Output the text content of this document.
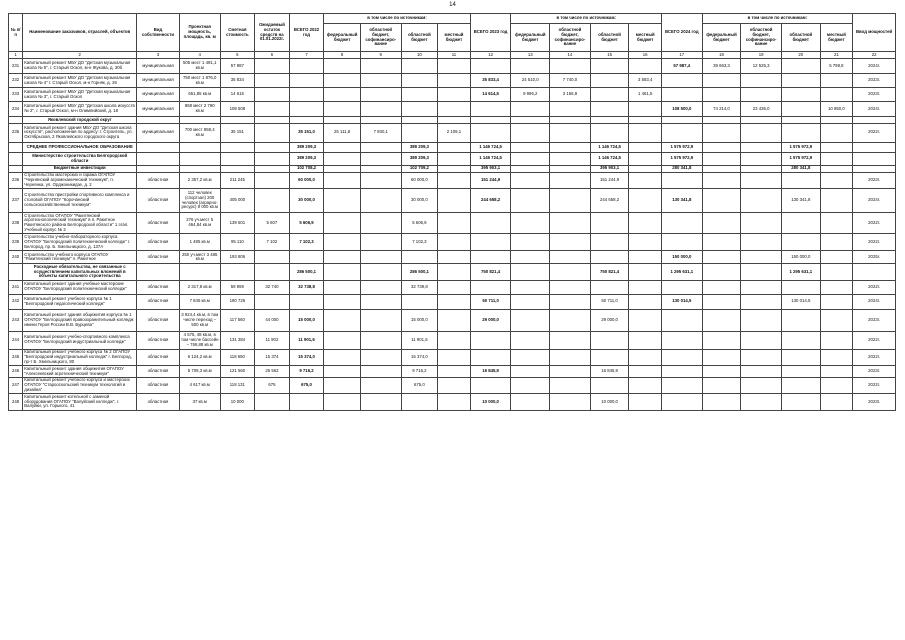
14
№ п/п	Наименование заказчиков, отраслей, объектов	Вид собственности	Проектная мощность, площадь, кв. м	Сметная стоимость	Ожидаемый остаток средств на 01.01.2022г.	ВСЕГО 2022 год	в том числе по источникам:				ВСЕГО 2023 год	в том числе по источникам:				ВСЕГО 2024 год	в том числе по источникам:				Ввод мощностей
							федеральный бюджет	областной бюджет, софинансиро-вание	областной бюджет	местный бюджет		федеральный бюджет	областной бюджет, софинансиро-вание	областной бюджет	местный бюджет		федеральный бюджет	областной бюджет, софинансиро-вание	областной бюджет	местный бюджет	
1	2	3	4	5	6	7	8	9	10	11	12	13	14	15	16	17	18	19	20	21	22
231	Капитальный ремонт МБУ ДО "Детская музыкальная школа № 5", г. Старый Оскол, м-н Жукова, д. 30б	муниципальная	505 мест 1 491,1 кв.м	57 987												57 987,4	39 663,3	12 525,3		5 798,8	2024г.
232	Капитальный ремонт МБУ ДО "Детская музыкальная школа № 4" г. Старый Оскол, м-н Горняк, д. 26	муниципальная	750 мест 1 876,0 кв.м	35 834							35 833,4	24 510,0	7 740,0		3 583,4						2023г.
233	Капитальный ремонт МБУ ДО "Детская музыкальная школа № 3", г. Старый Оскол	муниципальная	651,85 кв.м	14 615							14 614,5	9 996,2	3 156,8		1 461,5						2023г.
234	Капитальный ремонт МБУ ДО "Детская школа искусств № 2", г. Старый Оскол, м-н Олимпийский, д. 18	муниципальная	868 мест 2 790 кв.м	108 508												108 500,0	74 214,0	23 436,0		10 850,0	2024г.
	Яковлевский городской округ																				
235	Капитальный ремонт здания МБУ ДО "Детская школа искусств", расположенная по адресу: г. Строитель, ул. Октябрьская, 2 Яковлевского городского округа	муниципальная	700 мест 858,4 кв.м	35 151		35 151,0	25 111,8	7 930,1		2 109,1											2022г.
	СРЕДНЕЕ ПРОФЕССИОНАЛЬНОЕ ОБРАЗОВАНИЕ					389 209,3			389 209,3		1 146 724,5			1 146 724,5		1 575 972,9			1 575 972,9		
	Министерство строительства Белгородской области					389 209,3			389 209,3		1 146 724,5			1 146 724,5		1 575 972,9			1 575 972,9		
	Бюджетные инвестиции					102 708,2			102 709,2		395 903,1			395 903,1		280 341,8			280 341,8		
236	Строительство мастерских и гаража ОГАПОУ "Чернянский агромеханический техникум", п. Чернянка, ул. Орджоникидзе, д. 2	областная	2 357,2 кв.м	211 245		60 000,0			60 000,0		151 244,9			151 244,9							2023г.
237	Строительство пристройки спортивного комплекса и столовой ОГАПОУ "Корочанский сельскохозяйственный техникум"	областная	112 человек (спортзал) 200 человек (аграрно-ресурс) 8 000 кв.м	405 000		30 000,0			30 000,0		244 658,2			244 658,2		130 341,8			130 341,8		2024г.
238	Строительство ОГАПОУ "Ракитянский агротехнологический техникум" в п. Ракитное Ракитянского района Белгородской области" 1 этап. Учебный корпус № 2	областная	276 уч.мест 5 464,84 кв.м	139 501	5 607	5 606,9			5 606,9												2022г.
239	Строительство учебно-лабораторного корпуса ОГАПОУ "Белгородский политехнический колледж" г. Белгород, пр. Б. Хмельницкого, д. 137А	областная	1 485 кв.м	95 110	7 102	7 102,3			7 102,3												2022г.
240	Строительство учебного корпуса ОГАПОУ "Ракитянский техникум" п. Ракитное	областная	250 уч.мест 3 485 кв.м	193 806												150 000,0			150 000,0		2025г.
	Расходные обязательства, не связанные с осуществлением капитальных вложений в объекты капитального строительства					286 500,1			286 500,1		750 821,4			750 821,4		1 295 631,1			1 295 631,1		
241	Капитальный ремонт здания учебные мастерские ОГАПОУ "Белгородский политехнический колледж"	областная	2 317,8 кв.м	59 959	32 740	32 738,8			32 739,8												2022г.
242	Капитальный ремонт учебного корпуса № 1 "Белгородский педагогический колледж"	областная	7 845 кв.м	180 725							50 711,0			50 711,0		130 014,5			130 014,5		2024г.
243	Капитальный ремонт здания общежития корпуса № 1 ОГАПОУ "Белгородский правоохранительный колледж имени Героя России В.В. Бурцева"	областная	3 924,4 кв.м, в том числе переход – 500 кв.м	117 560	44 000	15 000,0			15 000,0		29 000,0			29 000,0							2023г.
244	Капитальный ремонт учебно-спортивного комплекса ОГАПОУ "Белгородский индустриальный колледж"	областная	4 575, 48 кв.м, в том числе бассейн – 766,88 кв.м	131 384	11 902	11 901,6			11 901,6												2022г.
245	Капитальный ремонт учебного корпуса № 2 ОГАПОУ "Белгородский индустриальный колледж" г. Белгород, пр-т Б. Хмельницкого, 80	областная	6 124,2 кв.м	118 650	15 374	15 374,0			15 374,0												2022г.
246	Капитальный ремонт здания общежития ОГАПОУ "Алексеевский агротехнический техникум"	областная	5 708,3 кв.м	121 560	26 562	9 716,2			9 716,2		16 845,9			16 845,9							2023г.
247	Капитальный ремонт учебного корпуса и мастерских ОГАПОУ "Старооскольский техникум технологий и дизайна"	областная	4 617 кв.м	118 131	675	675,0			675,0												2022г.
248	Капитальный ремонт котельной с заменой оборудования ОГАПОУ "Валуйский колледж", г. Валуйки, ул. Горького, 41	областная	37 кв.м	10 000							10 000,0			10 000,0							2023г.
